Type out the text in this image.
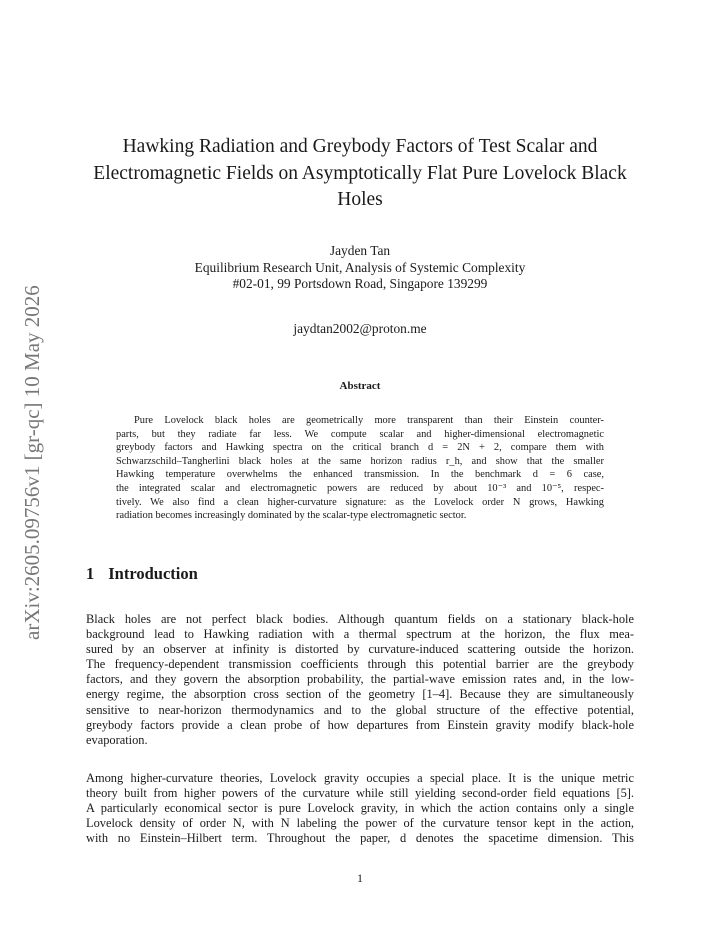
arXiv:2605.09756v1 [gr-qc] 10 May 2026
Hawking Radiation and Greybody Factors of Test Scalar and
Electromagnetic Fields on Asymptotically Flat Pure Lovelock Black
Holes
Jayden Tan
Equilibrium Research Unit, Analysis of Systemic Complexity
#02-01, 99 Portsdown Road, Singapore 139299
jaydtan2002@proton.me
Abstract
Pure Lovelock black holes are geometrically more transparent than their Einstein counter-
parts, but they radiate far less. We compute scalar and higher-dimensional electromagnetic
greybody factors and Hawking spectra on the critical branch d = 2N + 2, compare them with
Schwarzschild–Tangherlini black holes at the same horizon radius r_h, and show that the smaller
Hawking temperature overwhelms the enhanced transmission. In the benchmark d = 6 case,
the integrated scalar and electromagnetic powers are reduced by about 10⁻³ and 10⁻⁵, respec-
tively. We also find a clean higher-curvature signature: as the Lovelock order N grows, Hawking
radiation becomes increasingly dominated by the scalar-type electromagnetic sector.
1 Introduction
Black holes are not perfect black bodies. Although quantum fields on a stationary black-hole
background lead to Hawking radiation with a thermal spectrum at the horizon, the flux mea-
sured by an observer at infinity is distorted by curvature-induced scattering outside the horizon.
The frequency-dependent transmission coefficients through this potential barrier are the greybody
factors, and they govern the absorption probability, the partial-wave emission rates and, in the low-
energy regime, the absorption cross section of the geometry [1–4]. Because they are simultaneously
sensitive to near-horizon thermodynamics and to the global structure of the effective potential,
greybody factors provide a clean probe of how departures from Einstein gravity modify black-hole
evaporation.
Among higher-curvature theories, Lovelock gravity occupies a special place. It is the unique metric
theory built from higher powers of the curvature while still yielding second-order field equations [5].
A particularly economical sector is pure Lovelock gravity, in which the action contains only a single
Lovelock density of order N, with N labeling the power of the curvature tensor kept in the action,
with no Einstein–Hilbert term. Throughout the paper, d denotes the spacetime dimension. This
1
